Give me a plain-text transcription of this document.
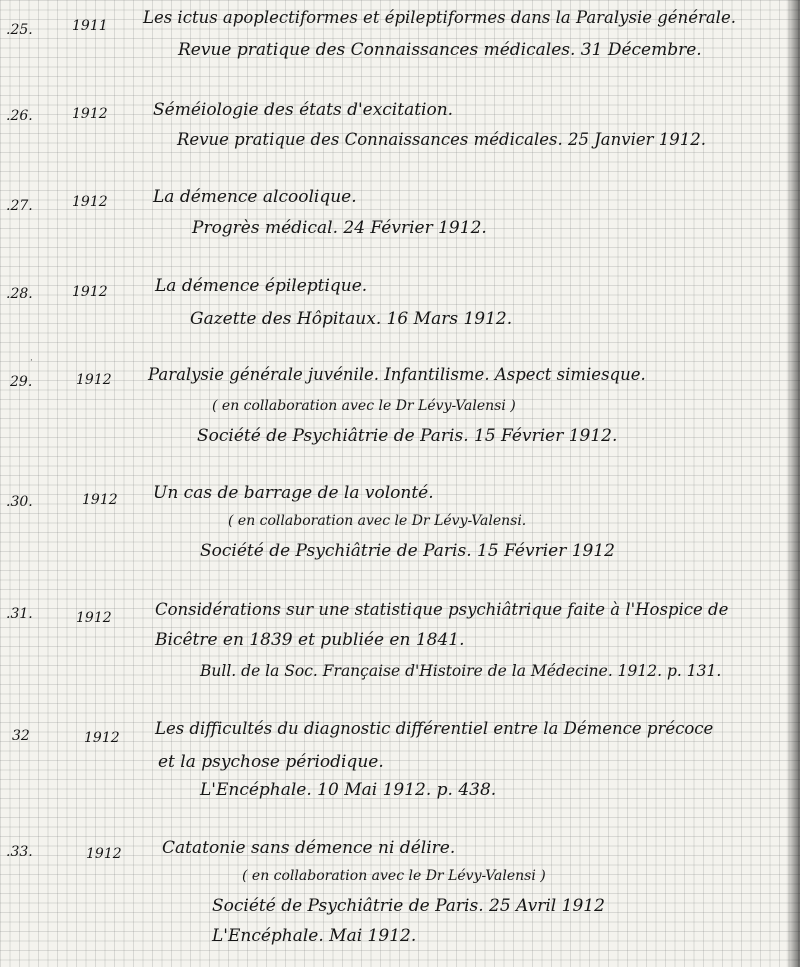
.25.	1911 Les ictus apoplectiformes et épileptiformes dans la Paralysie générale.
Revue pratique des Connaissances médicales. 31 Décembre.
.26.	1912	Séméiologie des états d'excitation.
Revue pratique des Connaissances médicales. 25 Janvier 1912.
.27.	1912	La démence alcoolique.
Progrès médical. 24 Février 1912.
.28.	1912	La démence épileptique.
Gazette des Hôpitaux. 16 Mars 1912.
·
29.	1912 Paralysie générale juvénile. Infantilisme. Aspect simiesque.
( en collaboration avec le Dr Lévy-Valensi )
Société de Psychiâtrie de Paris. 15 Février 1912.
.30.	1912 Un cas de barrage de la volonté.
( en collaboration avec le Dr Lévy-Valensi.
Société de Psychiâtrie de Paris. 15 Février 1912
.31.	1912	Considérations sur une statistique psychiâtrique faite à l'Hospice de
Bicêtre en 1839 et publiée en 1841.
Bull. de la Soc. Française d'Histoire de la Médecine. 1912. p. 131.
32	1912 Les difficultés du diagnostic différentiel entre la Démence précoce
et la psychose périodique.
L'Encéphale. 10 Mai 1912. p. 438.
.33.	1912 Catatonie sans démence ni délire.
( en collaboration avec le Dr Lévy-Valensi )
Société de Psychiâtrie de Paris. 25 Avril 1912
L'Encéphale. Mai 1912.
